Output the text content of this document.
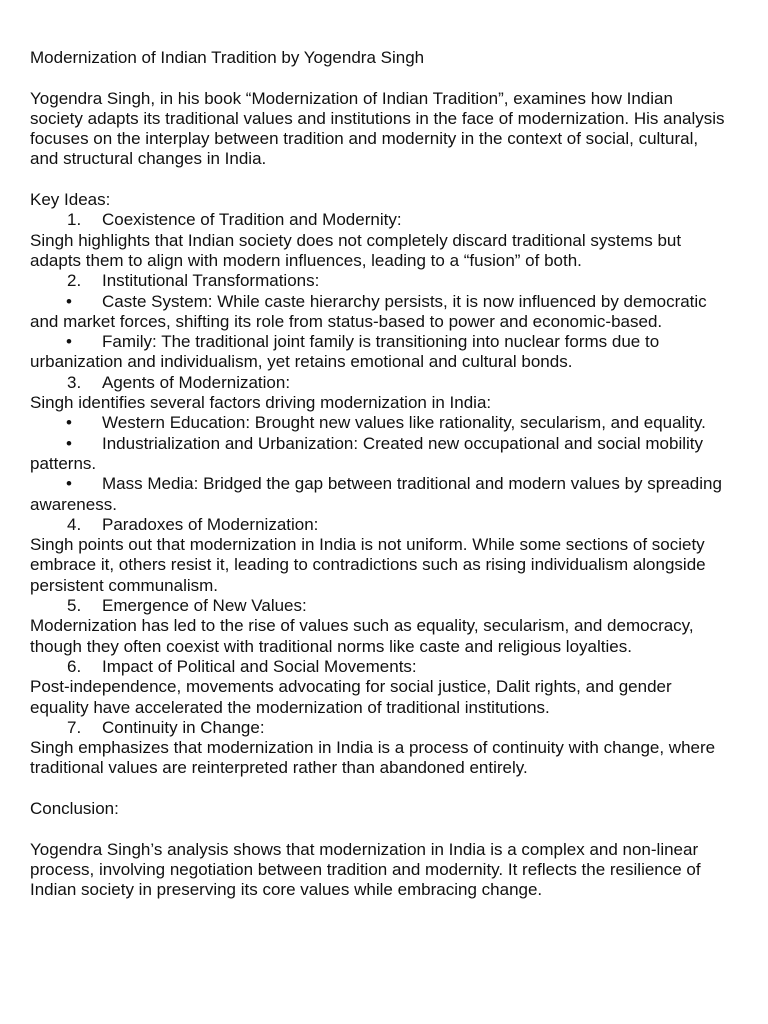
Modernization of Indian Tradition by Yogendra Singh

Yogendra Singh, in his book “Modernization of Indian Tradition”, examines how Indian society adapts its traditional values and institutions in the face of modernization. His analysis focuses on the interplay between tradition and modernity in the context of social, cultural, and structural changes in India.

Key Ideas:

1.	Coexistence of Tradition and Modernity:

Singh highlights that Indian society does not completely discard traditional systems but adapts them to align with modern influences, leading to a “fusion” of both.

2.	Institutional Transformations:

• Caste System: While caste hierarchy persists, it is now influenced by democratic and market forces, shifting its role from status-based to power and economic-based.

• Family: The traditional joint family is transitioning into nuclear forms due to urbanization and individualism, yet retains emotional and cultural bonds.

3.	Agents of Modernization:

Singh identifies several factors driving modernization in India:

• Western Education: Brought new values like rationality, secularism, and equality.

• Industrialization and Urbanization: Created new occupational and social mobility patterns.

• Mass Media: Bridged the gap between traditional and modern values by spreading awareness.

4.	Paradoxes of Modernization:

Singh points out that modernization in India is not uniform. While some sections of society embrace it, others resist it, leading to contradictions such as rising individualism alongside persistent communalism.

5.	Emergence of New Values:

Modernization has led to the rise of values such as equality, secularism, and democracy, though they often coexist with traditional norms like caste and religious loyalties.

6.	Impact of Political and Social Movements:

Post-independence, movements advocating for social justice, Dalit rights, and gender equality have accelerated the modernization of traditional institutions.

7.	Continuity in Change:

Singh emphasizes that modernization in India is a process of continuity with change, where traditional values are reinterpreted rather than abandoned entirely.

Conclusion:

Yogendra Singh’s analysis shows that modernization in India is a complex and non-linear process, involving negotiation between tradition and modernity. It reflects the resilience of Indian society in preserving its core values while embracing change.
